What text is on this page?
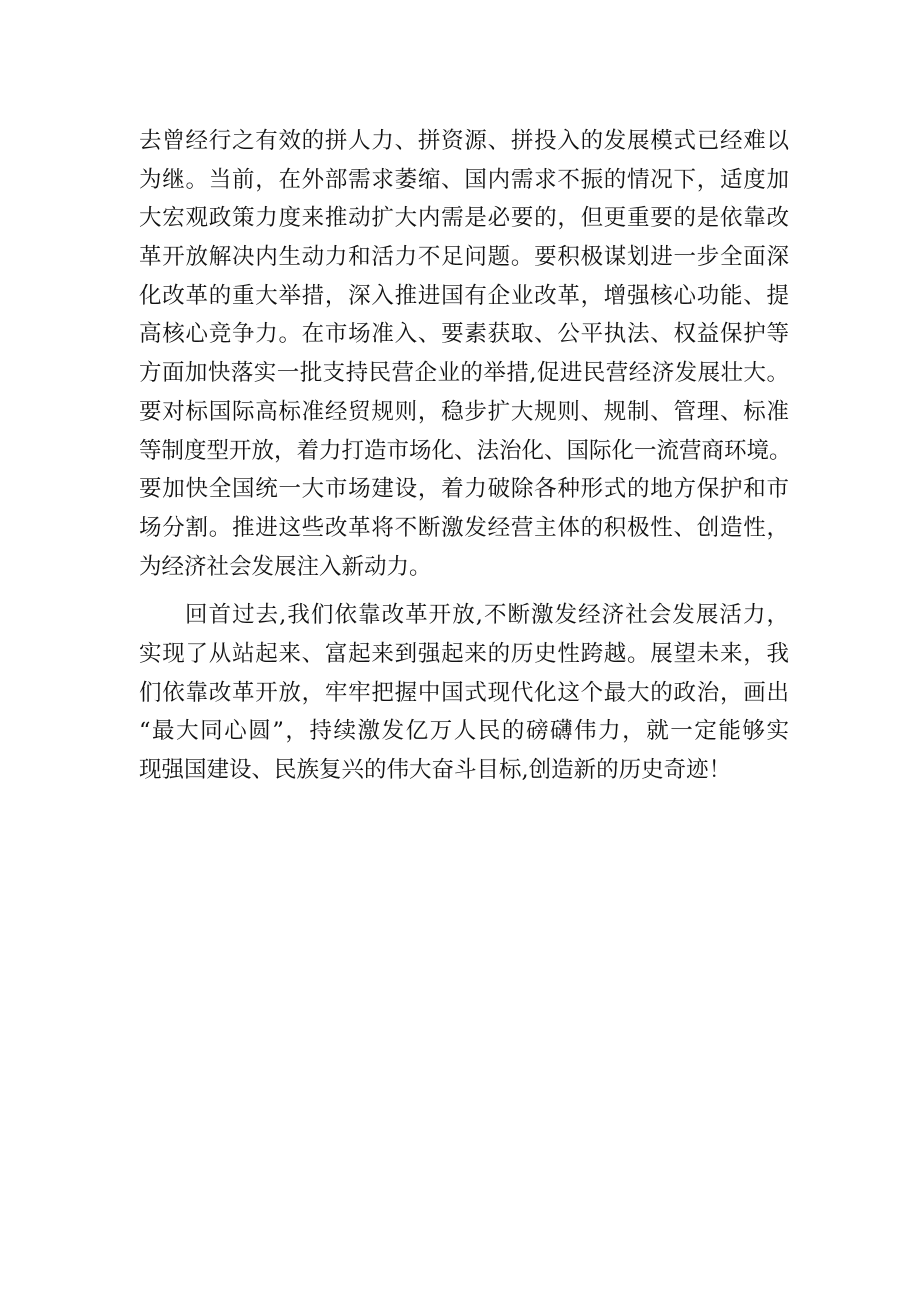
去曾经行之有效的拼人力、拼资源、拼投入的发展模式已经难以
为继。当前，在外部需求萎缩、国内需求不振的情况下，适度加
大宏观政策力度来推动扩大内需是必要的，但更重要的是依靠改
革开放解决内生动力和活力不足问题。要积极谋划进一步全面深
化改革的重大举措，深入推进国有企业改革，增强核心功能、提
高核心竞争力。在市场准入、要素获取、公平执法、权益保护等
方面加快落实一批支持民营企业的举措,促进民营经济发展壮大。
要对标国际高标准经贸规则，稳步扩大规则、规制、管理、标准
等制度型开放，着力打造市场化、法治化、国际化一流营商环境。
要加快全国统一大市场建设，着力破除各种形式的地方保护和市
场分割。推进这些改革将不断激发经营主体的积极性、创造性，
为经济社会发展注入新动力。
回首过去,我们依靠改革开放,不断激发经济社会发展活力，
实现了从站起来、富起来到强起来的历史性跨越。展望未来，我
们依靠改革开放，牢牢把握中国式现代化这个最大的政治，画出
“最大同心圆”，持续激发亿万人民的磅礴伟力，就一定能够实
现强国建设、民族复兴的伟大奋斗目标,创造新的历史奇迹！
